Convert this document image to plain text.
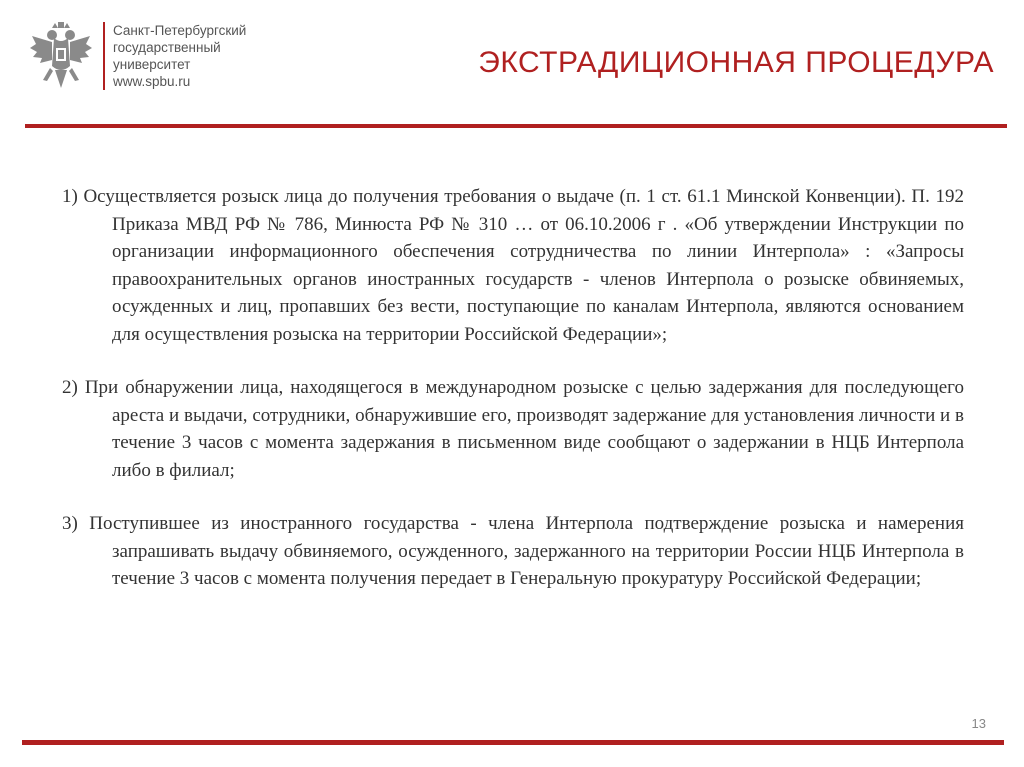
Санкт-Петербургский
государственный
университет
www.spbu.ru
ЭКСТРАДИЦИОННАЯ ПРОЦЕДУРА

1) Осуществляется розыск лица до получения требования о выдаче (п. 1 ст. 61.1 Минской Конвенции). П. 192 Приказа МВД РФ № 786, Минюста РФ № 310 … от 06.10.2006 г . «Об утверждении Инструкции по организации информационного обеспечения сотрудничества по линии Интерпола» : «Запросы правоохранительных органов иностранных государств - членов Интерпола о розыске обвиняемых, осужденных и лиц, пропавших без вести, поступающие по каналам Интерпола, являются основанием для осуществления розыска на территории Российской Федерации»;

2) При обнаружении лица, находящегося в международном розыске с целью задержания для последующего ареста и выдачи, сотрудники, обнаружившие его, производят задержание для установления личности и в течение 3 часов с момента задержания в письменном виде сообщают о задержании в НЦБ Интерпола либо в филиал;

3) Поступившее из иностранного государства - члена Интерпола подтверждение розыска и намерения запрашивать выдачу обвиняемого, осужденного, задержанного на территории России НЦБ Интерпола в течение 3 часов с момента получения передает в Генеральную прокуратуру Российской Федерации;

13
